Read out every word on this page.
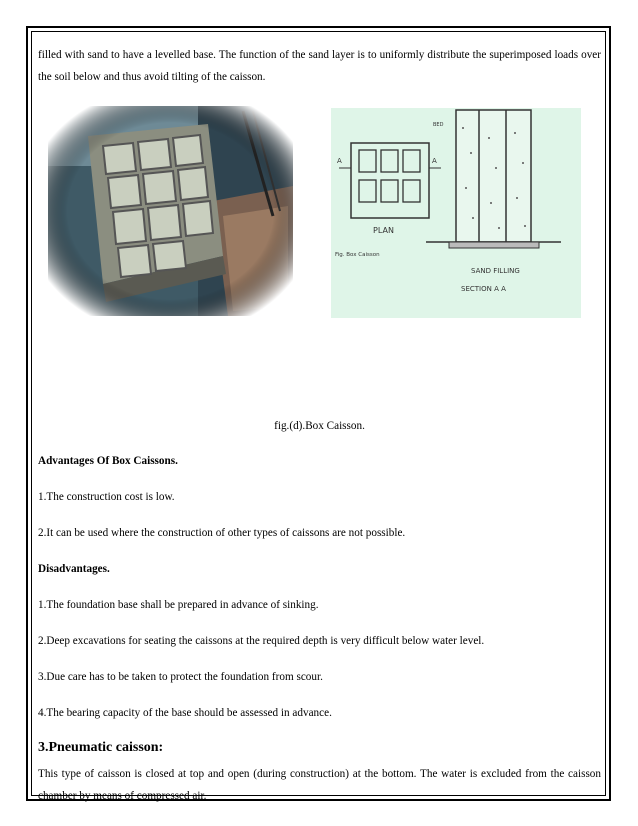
filled with sand to have a levelled base. The function of the sand layer is to uniformly distribute the superimposed loads over the soil below and thus avoid tilting of the caisson.

A	A
PLAN
Fig. Box Caisson
BED
SAND FILLING
SECTION A A
fig.(d).Box Caisson.
Advantages Of Box Caissons.
1.The construction cost is low.
2.It can be used where the construction of other types of caissons are not possible.
Disadvantages.
1.The foundation base shall be prepared in advance of sinking.
2.Deep excavations for seating the caissons at the required depth is very difficult below water level.
3.Due care has to be taken to protect the foundation from scour.
4.The bearing capacity of the base should be assessed in advance.
3.Pneumatic caisson:

This type of caisson is closed at top and open (during construction) at the bottom. The water is excluded from the caisson chamber by means of compressed air.
